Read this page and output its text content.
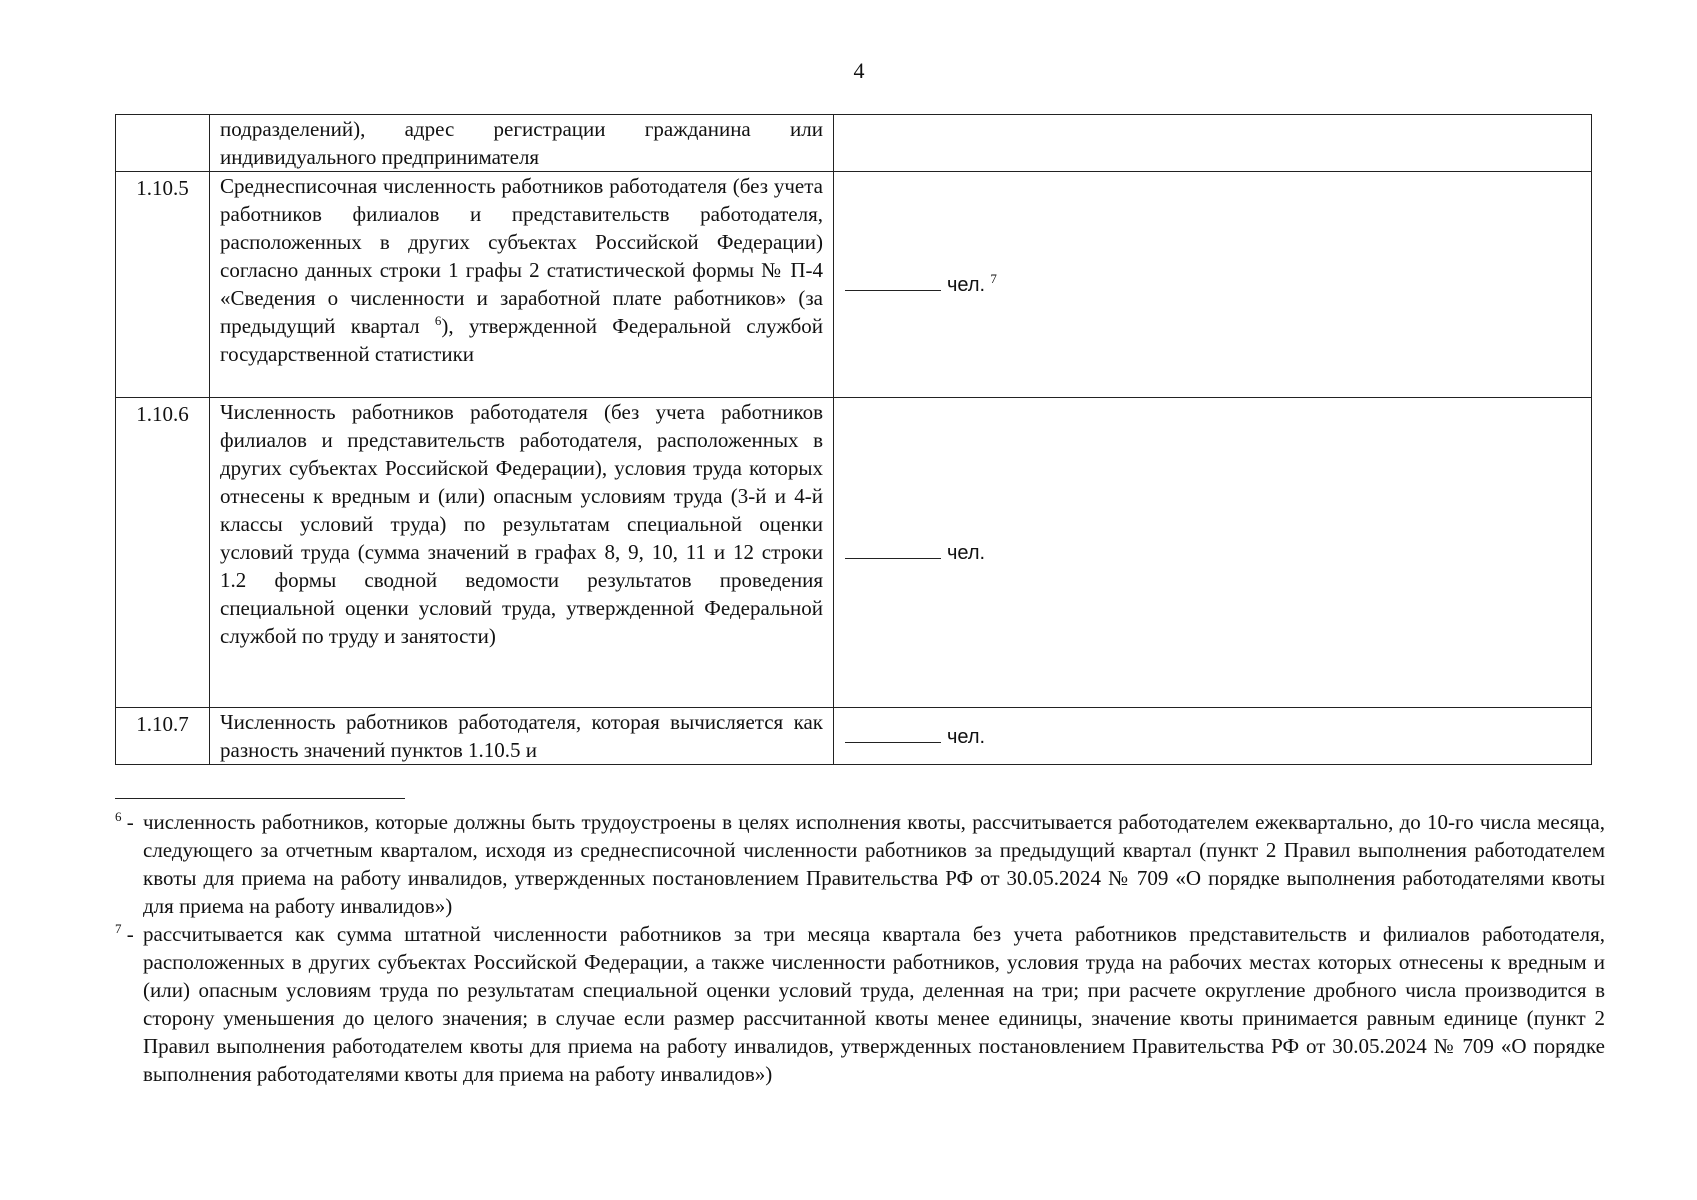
4
	подразделений), адрес регистрации гражданина или индивидуального предпринимателя	
1.10.5	Среднесписочная численность работников работодателя (без учета работников филиалов и представительств работодателя, расположенных в других субъектах Российской Федерации) согласно данных строки 1 графы 2 статистической формы № П-4 «Сведения о численности и заработной плате работников» (за предыдущий квартал $^6$), утвержденной Федеральной службой государственной статистики	чел. $^7$
1.10.6	Численность работников работодателя (без учета работников филиалов и представительств работодателя, расположенных в других субъектах Российской Федерации), условия труда которых отнесены к вредным и (или) опасным условиям труда (3-й и 4-й классы условий труда) по результатам специальной оценки условий труда (сумма значений в графах 8, 9, 10, 11 и 12 строки 1.2 формы сводной ведомости результатов проведения специальной оценки условий труда, утвержденной Федеральной службой по труду и занятости)	чел.
1.10.7	Численность работников работодателя, которая вычисляется как разность значений пунктов 1.10.5 и	чел.
$^6$ - численность работников, которые должны быть трудоустроены в целях исполнения квоты, рассчитывается работодателем ежеквартально, до 10-го числа месяца, следующего за отчетным кварталом, исходя из среднесписочной численности работников за предыдущий квартал (пункт 2 Правил выполнения работодателем квоты для приема на работу инвалидов, утвержденных постановлением Правительства РФ от 30.05.2024 № 709 «О порядке выполнения работодателями квоты для приема на работу инвалидов»)
$^7$ - рассчитывается как сумма штатной численности работников за три месяца квартала без учета работников представительств и филиалов работодателя, расположенных в других субъектах Российской Федерации, а также численности работников, условия труда на рабочих местах которых отнесены к вредным и (или) опасным условиям труда по результатам специальной оценки условий труда, деленная на три; при расчете округление дробного числа производится в сторону уменьшения до целого значения; в случае если размер рассчитанной квоты менее единицы, значение квоты принимается равным единице (пункт 2 Правил выполнения работодателем квоты для приема на работу инвалидов, утвержденных постановлением Правительства РФ от 30.05.2024 № 709 «О порядке выполнения работодателями квоты для приема на работу инвалидов»)
